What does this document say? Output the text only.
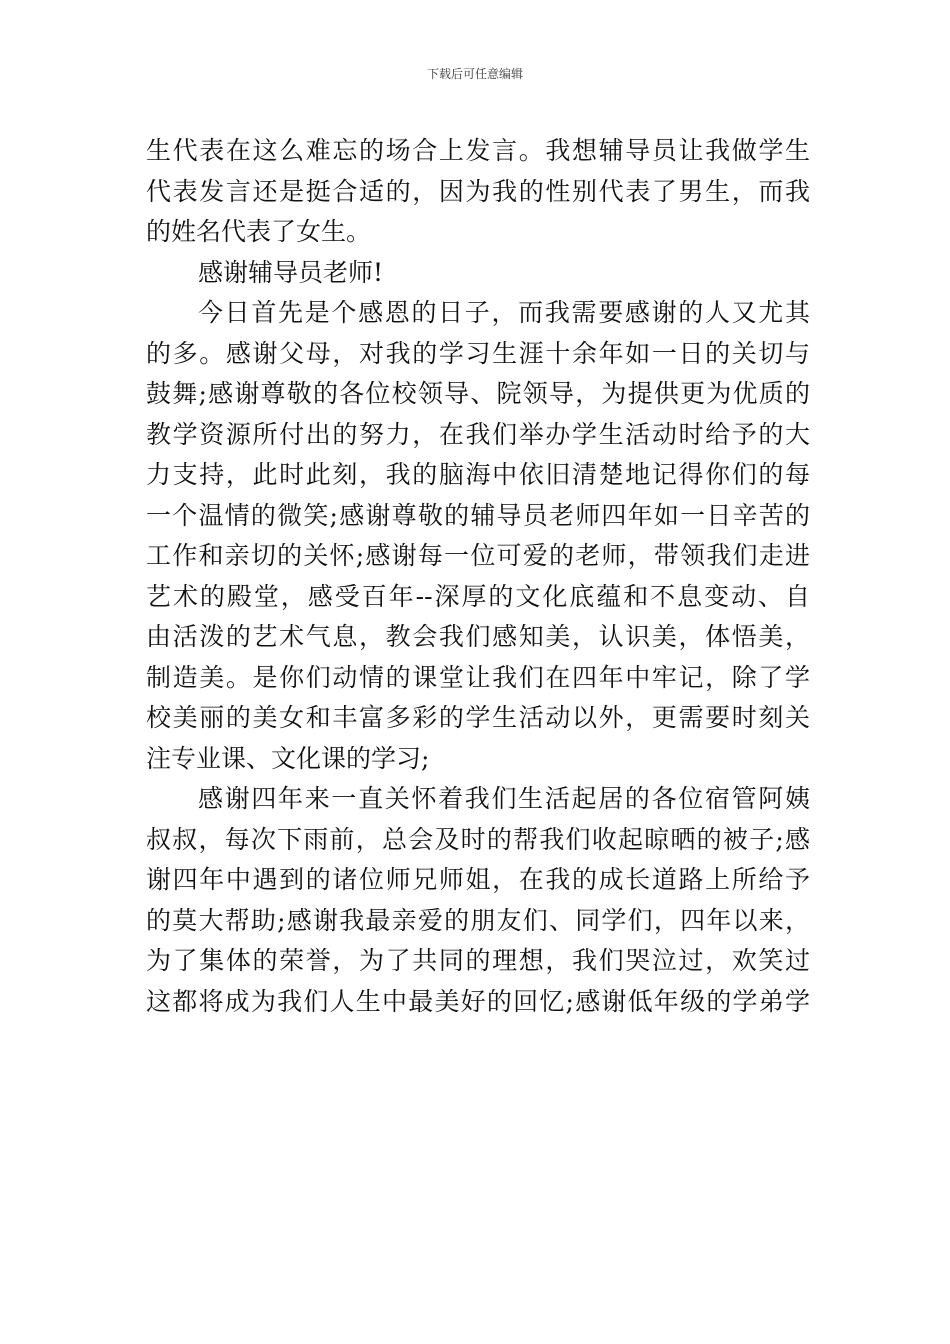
下载后可任意编辑
生代表在这么难忘的场合上发言。我想辅导员让我做学生
代表发言还是挺合适的，因为我的性别代表了男生，而我
的姓名代表了女生。
感谢辅导员老师!
今日首先是个感恩的日子，而我需要感谢的人又尤其
的多。感谢父母，对我的学习生涯十余年如一日的关切与
鼓舞;感谢尊敬的各位校领导、院领导，为提供更为优质的
教学资源所付出的努力，在我们举办学生活动时给予的大
力支持，此时此刻，我的脑海中依旧清楚地记得你们的每
一个温情的微笑;感谢尊敬的辅导员老师四年如一日辛苦的
工作和亲切的关怀;感谢每一位可爱的老师，带领我们走进
艺术的殿堂，感受百年--深厚的文化底蕴和不息变动、自
由活泼的艺术气息，教会我们感知美，认识美，体悟美，
制造美。是你们动情的课堂让我们在四年中牢记，除了学
校美丽的美女和丰富多彩的学生活动以外，更需要时刻关
注专业课、文化课的学习;
感谢四年来一直关怀着我们生活起居的各位宿管阿姨
叔叔，每次下雨前，总会及时的帮我们收起晾晒的被子;感
谢四年中遇到的诸位师兄师姐，在我的成长道路上所给予
的莫大帮助;感谢我最亲爱的朋友们、同学们，四年以来，
为了集体的荣誉，为了共同的理想，我们哭泣过，欢笑过
这都将成为我们人生中最美好的回忆;感谢低年级的学弟学
